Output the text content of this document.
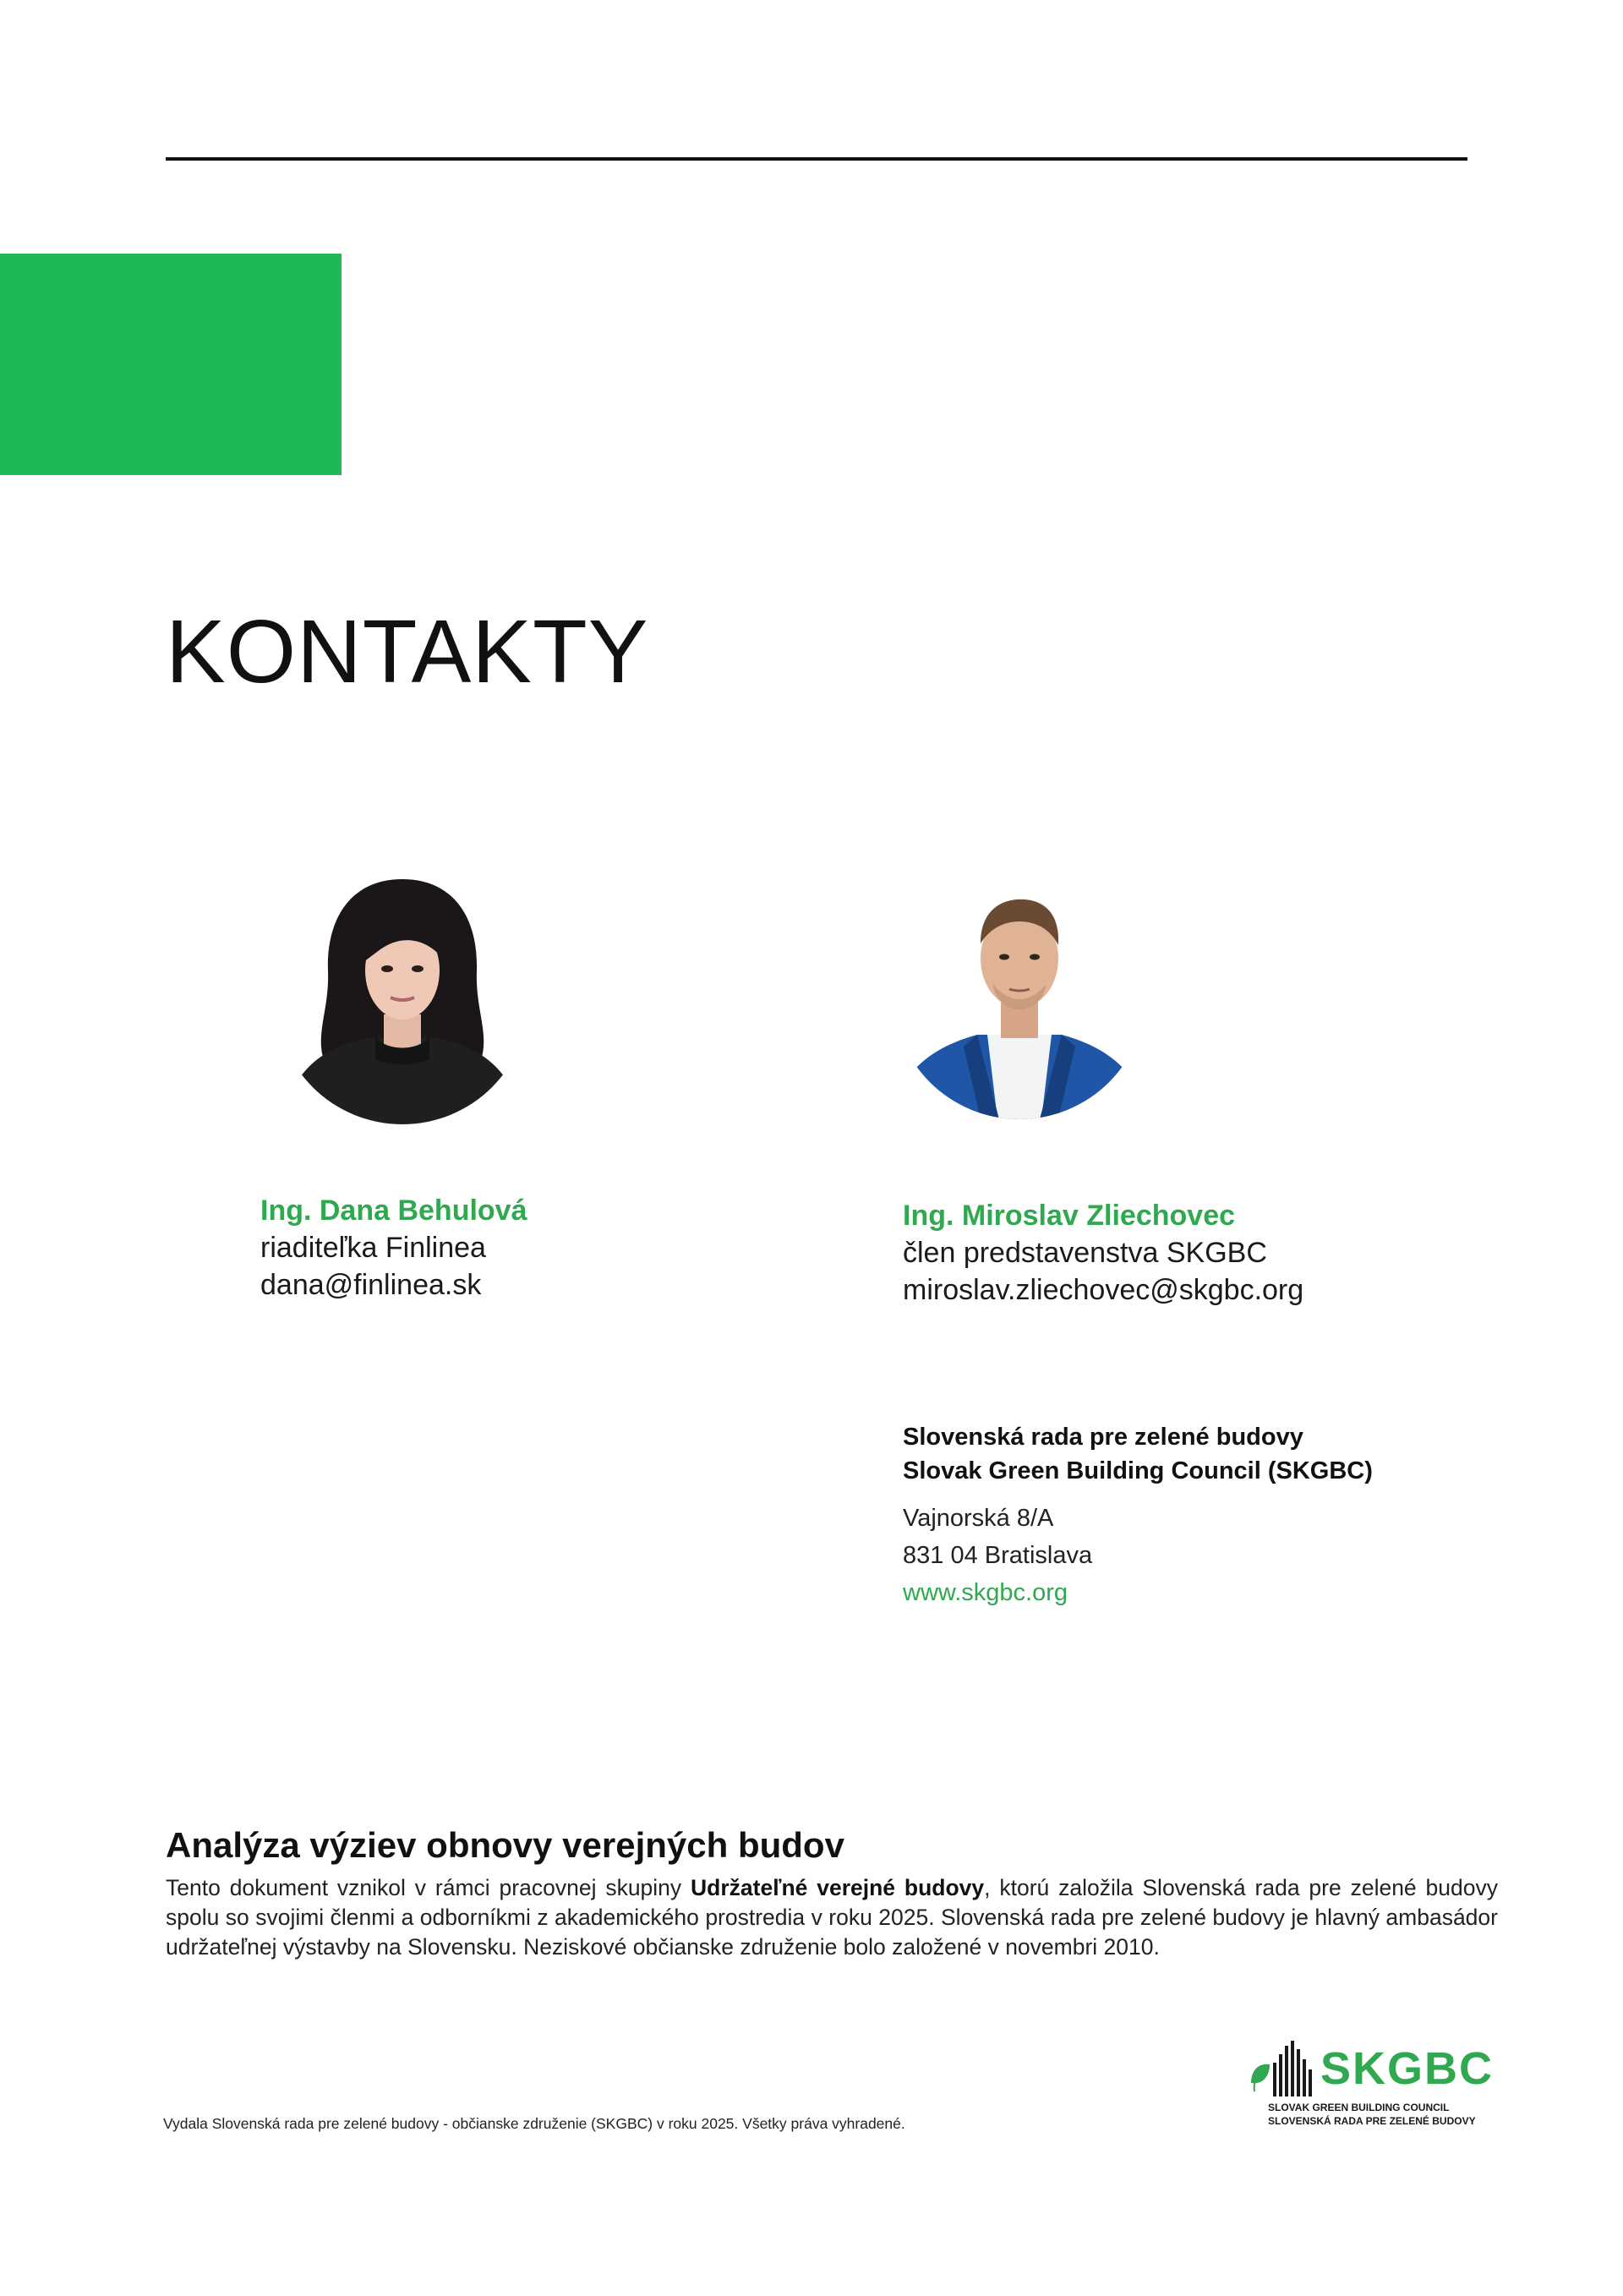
KONTAKTY
Ing. Dana Behulová
riaditeľka Finlinea
dana@finlinea.sk
Ing. Miroslav Zliechovec
člen predstavenstva SKGBC
miroslav.zliechovec@skgbc.org
Slovenská rada pre zelené budovy
Slovak Green Building Council (SKGBC)
Vajnorská 8/A
831 04 Bratislava
www.skgbc.org
Analýza výziev obnovy verejných budov

Tento dokument vznikol v rámci pracovnej skupiny Udržateľné verejné budovy, ktorú založila Slovenská rada pre zelené budovy spolu so svojimi členmi a odborníkmi z akademického prostredia v roku 2025. Slovenská rada pre zelené budovy je hlavný ambasádor udržateľnej výstavby na Slovensku. Neziskové občianske združenie bolo založené v novembri 2010.

SKGBC
SLOVAK GREEN BUILDING COUNCIL
SLOVENSKÁ RADA PRE ZELENÉ BUDOVY
Vydala Slovenská rada pre zelené budovy - občianske združenie (SKGBC) v roku 2025. Všetky práva vyhradené.
